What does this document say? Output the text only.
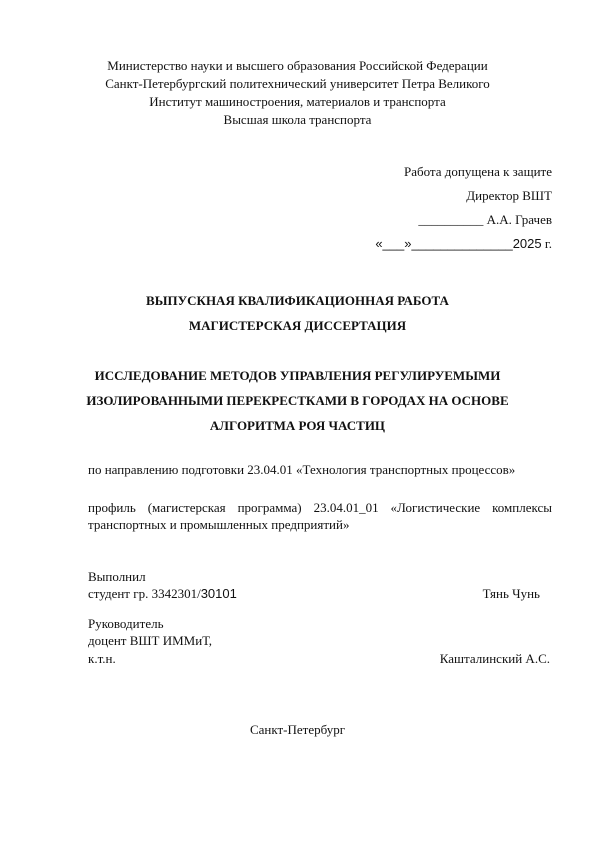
Министерство науки и высшего образования Российской Федерации
Санкт-Петербургский политехнический университет Петра Великого
Институт машиностроения, материалов и транспорта
Высшая школа транспорта
Работа допущена к защите
Директор ВШТ
__________ А.А. Грачев
«___»______________2025 г.
ВЫПУСКНАЯ КВАЛИФИКАЦИОННАЯ РАБОТА
МАГИСТЕРСКАЯ ДИССЕРТАЦИЯ
ИССЛЕДОВАНИЕ МЕТОДОВ УПРАВЛЕНИЯ РЕГУЛИРУЕМЫМИ
ИЗОЛИРОВАННЫМИ ПЕРЕКРЕСТКАМИ В ГОРОДАХ НА ОСНОВЕ
АЛГОРИТМА РОЯ ЧАСТИЦ
по направлению подготовки 23.04.01 «Технология транспортных процессов»
профиль (магистерская программа) 23.04.01_01 «Логистические комплексы транспортных и промышленных предприятий»
Выполнил
студент гр. 3342301/30101	Тянь Чунь
Руководитель
доцент ВШТ ИММиТ,
к.т.н.	Кашталинский А.С.
Санкт-Петербург
